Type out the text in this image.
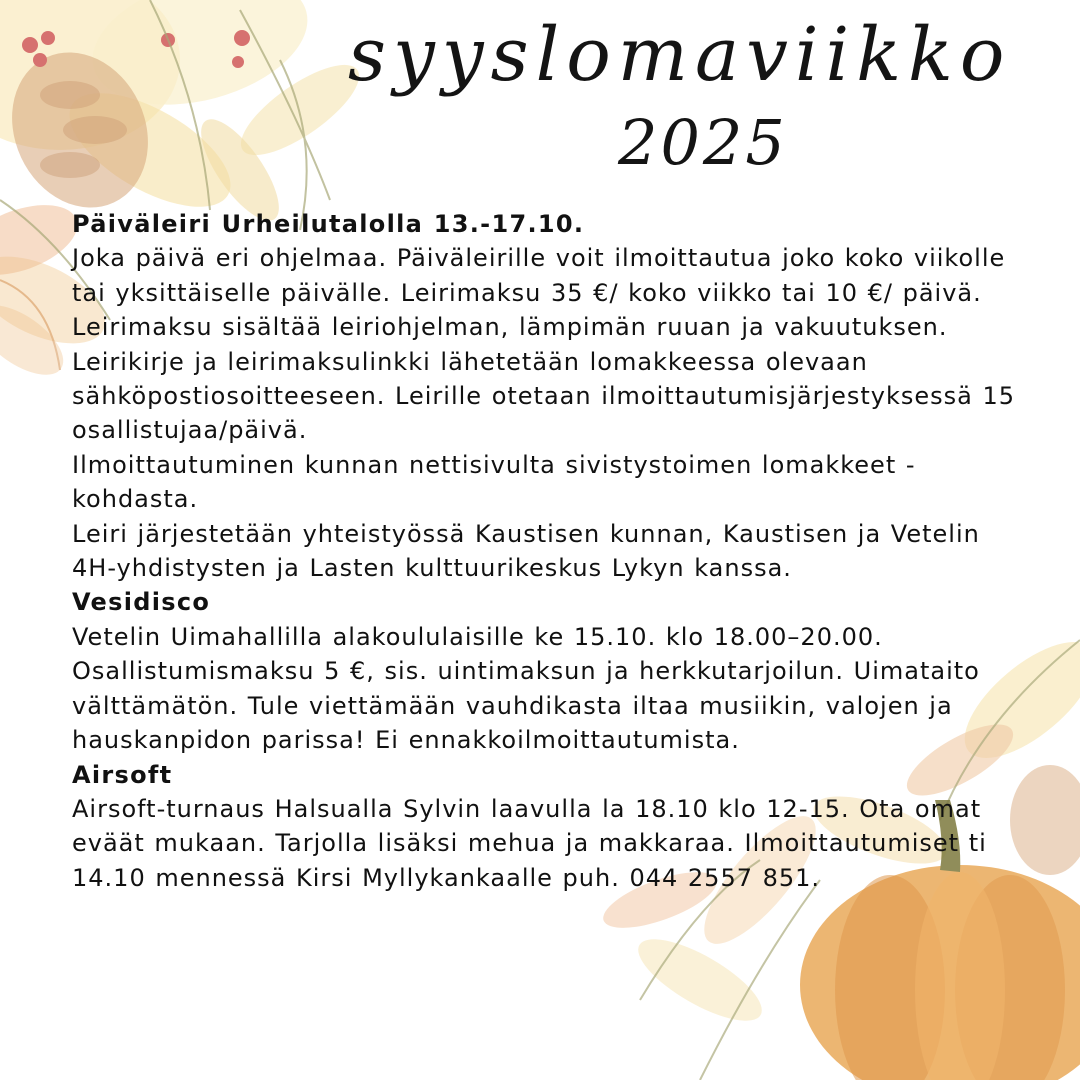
syyslomaviikko
2025
Päiväleiri Urheilutalolla 13.-17.10.

Joka päivä eri ohjelmaa. Päiväleirille voit ilmoittautua joko koko viikolle tai yksittäiselle päivälle. Leirimaksu 35 €/ koko viikko tai 10 €/ päivä. Leirimaksu sisältää leiriohjelman, lämpimän ruuan ja vakuutuksen. Leirikirje ja leirimaksulinkki lähetetään lomakkeessa olevaan sähköpostiosoitteeseen. Leirille otetaan ilmoittautumisjärjestyksessä 15 osallistujaa/päivä.

Ilmoittautuminen kunnan nettisivulta sivistystoimen lomakkeet -kohdasta.

Leiri järjestetään yhteistyössä Kaustisen kunnan, Kaustisen ja Vetelin 4H-yhdistysten ja Lasten kulttuurikeskus Lykyn kanssa.

Vesidisco

Vetelin Uimahallilla alakoululaisille ke 15.10. klo 18.00–20.00. Osallistumismaksu 5 €, sis. uintimaksun ja herkkutarjoilun. Uimataito välttämätön. Tule viettämään vauhdikasta iltaa musiikin, valojen ja hauskanpidon parissa! Ei ennakkoilmoittautumista.

Airsoft

Airsoft-turnaus Halsualla Sylvin laavulla la 18.10 klo 12-15. Ota omat eväät mukaan. Tarjolla lisäksi mehua ja makkaraa. Ilmoittautumiset ti 14.10 mennessä Kirsi Myllykankaalle puh. 044 2557 851.
